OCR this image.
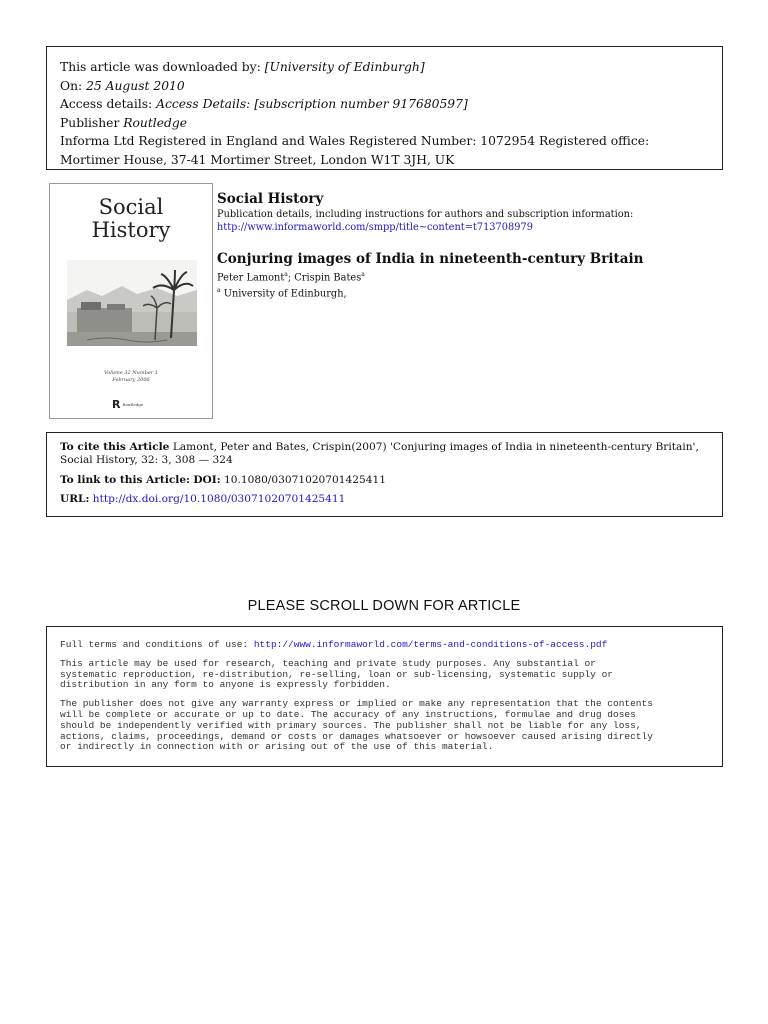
This article was downloaded by: [University of Edinburgh]
On: 25 August 2010
Access details: Access Details: [subscription number 917680597]
Publisher Routledge
Informa Ltd Registered in England and Wales Registered Number: 1072954 Registered office: Mortimer House, 37-41 Mortimer Street, London W1T 3JH, UK
Social
History
Volume 32 Number 1
February 2006
R Routledge
Social History
Publication details, including instructions for authors and subscription information:
http://www.informaworld.com/smpp/title~content=t713708979
Conjuring images of India in nineteenth-century Britain
Peter Lamont$^a$; Crispin Bates$^a$
$^a$ University of Edinburgh,
To cite this Article Lamont, Peter and Bates, Crispin(2007) 'Conjuring images of India in nineteenth-century Britain', Social History, 32: 3, 308 — 324
To link to this Article: DOI: 10.1080/03071020701425411
URL: http://dx.doi.org/10.1080/03071020701425411
PLEASE SCROLL DOWN FOR ARTICLE

Full terms and conditions of use: http://www.informaworld.com/terms-and-conditions-of-access.pdf

This article may be used for research, teaching and private study purposes. Any substantial or
systematic reproduction, re-distribution, re-selling, loan or sub-licensing, systematic supply or
distribution in any form to anyone is expressly forbidden.

The publisher does not give any warranty express or implied or make any representation that the contents
will be complete or accurate or up to date. The accuracy of any instructions, formulae and drug doses
should be independently verified with primary sources. The publisher shall not be liable for any loss,
actions, claims, proceedings, demand or costs or damages whatsoever or howsoever caused arising directly
or indirectly in connection with or arising out of the use of this material.
